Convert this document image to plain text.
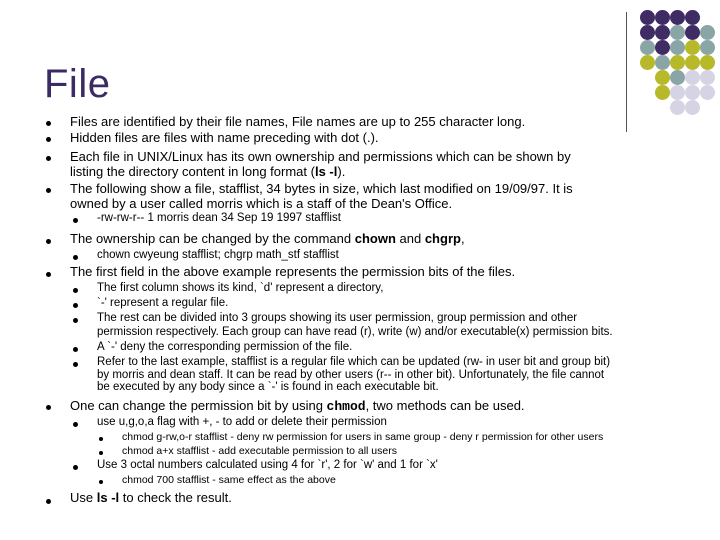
File
Files are identified by their file names, File names are up to 255 character long.
Hidden files are files with name preceding with dot (.).
Each file in UNIX/Linux has its own ownership and permissions which can be shown by
listing the directory content in long format (ls -l).
The following show a file, stafflist, 34 bytes in size, which last modified on 19/09/97. It is
owned by a user called morris which is a staff of the Dean's Office.
-rw-rw-r-- 1 morris dean 34 Sep 19 1997 stafflist
The ownership can be changed by the command chown and chgrp,
chown cwyeung stafflist; chgrp math_stf stafflist
The first field in the above example represents the permission bits of the files.
The first column shows its kind, `d' represent a directory,
`-' represent a regular file.
The rest can be divided into 3 groups showing its user permission, group permission and other
permission respectively. Each group can have read (r), write (w) and/or executable(x) permission bits.
A `-' deny the corresponding permission of the file.
Refer to the last example, stafflist is a regular file which can be updated (rw- in user bit and group bit)
by morris and dean staff. It can be read by other users (r-- in other bit). Unfortunately, the file cannot
be executed by any body since a `-' is found in each executable bit.
One can change the permission bit by using chmod, two methods can be used.
use u,g,o,a flag with +, - to add or delete their permission
chmod g-rw,o-r stafflist - deny rw permission for users in same group - deny r permission for other users
chmod a+x stafflist - add executable permission to all users
Use 3 octal numbers calculated using 4 for `r', 2 for `w' and 1 for `x'
chmod 700 stafflist - same effect as the above
Use ls -l to check the result.
